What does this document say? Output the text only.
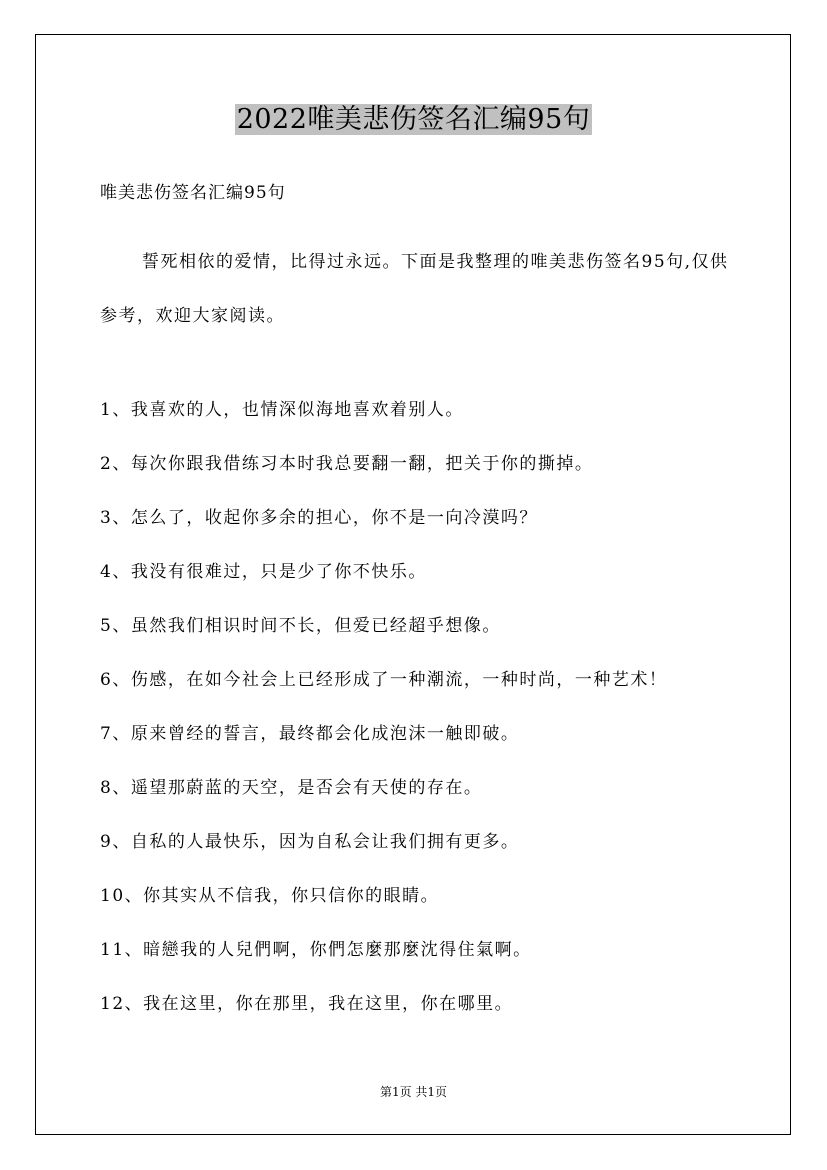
2022唯美悲伤签名汇编95句
唯美悲伤签名汇编95句
誓死相依的爱情，比得过永远。下面是我整理的唯美悲伤签名95句,仅供参考，欢迎大家阅读。
1、我喜欢的人，也情深似海地喜欢着别人。
2、每次你跟我借练习本时我总要翻一翻，把关于你的撕掉。
3、怎么了，收起你多余的担心，你不是一向冷漠吗？
4、我没有很难过，只是少了你不快乐。
5、虽然我们相识时间不长，但爱已经超乎想像。
6、伤感，在如今社会上已经形成了一种潮流，一种时尚，一种艺术！
7、原来曾经的誓言，最终都会化成泡沫一触即破。
8、遥望那蔚蓝的天空，是否会有天使的存在。
9、自私的人最快乐，因为自私会让我们拥有更多。
10、你其实从不信我，你只信你的眼睛。
11、暗戀我的人兒們啊，你們怎麼那麼沈得住氣啊。
12、我在这里，你在那里，我在这里，你在哪里。
第1页 共1页
